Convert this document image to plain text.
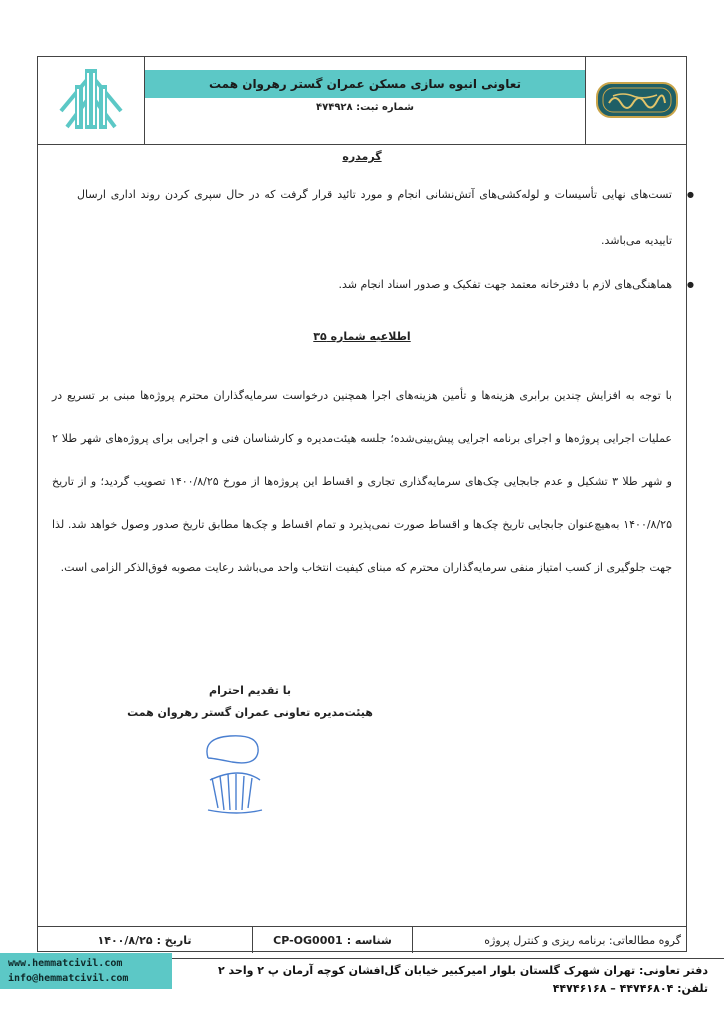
تعاونی انبوه سازی مسکن عمران گستر رهروان همت
شماره ثبت: ۴۷۴۹۲۸
گرمدره
● تست‌های نهایی تأسیسات و لوله‌کشی‌های آتش‌نشانی انجام و مورد تائید قرار گرفت که در حال سپری کردن روند اداری ارسال تاییدیه می‌باشد.
● هماهنگی‌های لازم با دفترخانه معتمد جهت تفکیک و صدور اسناد انجام شد.
اطلاعیه شماره ۳۵
با توجه به افزایش چندین برابری هزینه‌ها و تأمین هزینه‌های اجرا همچنین درخواست سرمایه‌گذاران محترم پروژه‌ها مبنی بر تسریع در عملیات اجرایی پروژه‌ها و اجرای برنامه اجرایی پیش‌بینی‌شده؛ جلسه هیئت‌مدیره و کارشناسان فنی و اجرایی برای پروژه‌های شهر طلا ۲ و شهر طلا ۳ تشکیل و عدم جابجایی چک‌های سرمایه‌گذاری تجاری و اقساط این پروژه‌ها از مورخ ۱۴۰۰/۸/۲۵ تصویب گردید؛ و از تاریخ ۱۴۰۰/۸/۲۵ به‌هیچ‌عنوان جابجایی تاریخ چک‌ها و اقساط صورت نمی‌پذیرد و تمام اقساط و چک‌ها مطابق تاریخ صدور وصول خواهد شد. لذا جهت جلوگیری از کسب امتیاز منفی سرمایه‌گذاران محترم که مبنای کیفیت انتخاب واحد می‌باشد رعایت مصوبه فوق‌الذکر الزامی است.
با تقدیم احترام
هیئت‌مدیره تعاونی عمران گستر رهروان همت
گروه مطالعاتی: برنامه ریزی و کنترل پروژه
شناسه :
CP-OG0001
تاریخ :
۱۴۰۰/۸/۲۵
www.hemmatcivil.com
info@hemmatcivil.com
دفتر تعاونی: تهران شهرک گلستان بلوار امیرکبیر خیابان گل‌افشان کوچه آرمان پ ۲ واحد ۲
تلفن: ۴۴۷۴۶۸۰۴ – ۴۴۷۴۶۱۶۸
